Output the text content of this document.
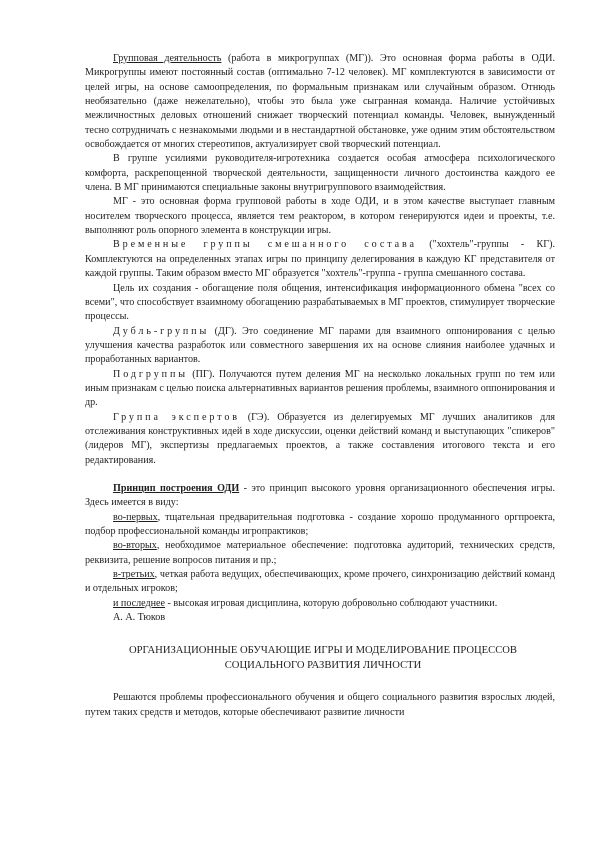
Групповая деятельность (работа в микрогруппах (МГ)). Это основная форма работы в ОДИ. Микрогруппы имеют постоянный состав (оптимально 7-12 человек). МГ комплектуются в зависимости от целей игры, на основе самоопределения, по формальным признакам или случайным образом. Отнюдь необязательно (даже нежелательно), чтобы это была уже сыгранная команда. Наличие устойчивых межличностных деловых отношений снижает творческий потенциал команды. Человек, вынужденный тесно сотрудничать с незнакомыми людьми и в нестандартной обстановке, уже одним этим обстоятельством освобождается от многих стереотипов, актуализирует свой творческий потенциал.

В группе усилиями руководителя-игротехника создается особая атмосфера психологического комфорта, раскрепощенной творческой деятельности, защищенности личного достоинства каждого ее члена. В МГ принимаются специальные законы внутригруппового взаимодействия.

МГ - это основная форма групповой работы в ходе ОДИ, и в этом качестве выступает главным носителем творческого процесса, является тем реактором, в котором генерируются идеи и проекты, т.е. выполняют роль опорного элемента в конструкции игры.

Временные группы смешанного состава ("хохтель"-группы - КГ). Комплектуются на определенных этапах игры по принципу делегирования в каждую КГ представителя от каждой группы. Таким образом вместо МГ образуется "хохтель"-группа - группа смешанного состава.

Цель их создания - обогащение поля общения, интенсификация информационного обмена "всех со всеми", что способствует взаимному обогащению разрабатываемых в МГ проектов, стимулирует творческие процессы.

Дубль-группы (ДГ). Это соединение МГ парами для взаимного оппонирования с целью улучшения качества разработок или совместного завершения их на основе слияния наиболее удачных и проработанных вариантов.

Подгруппы (ПГ). Получаются путем деления МГ на несколько локальных групп по тем или иным признакам с целью поиска альтернативных вариантов решения проблемы, взаимного оппонирования и др.

Группа экспертов (ГЭ). Образуется из делегируемых МГ лучших аналитиков для отслеживания конструктивных идей в ходе дискуссии, оценки действий команд и выступающих "спикеров" (лидеров МГ), экспертизы предлагаемых проектов, а также составления итогового текста и его редактирования.

Принцип построения ОДИ - это принцип высокого уровня организационного обеспечения игры. Здесь имеется в виду:

во-первых, тщательная предварительная подготовка - создание хорошо продуманного оргпроекта, подбор профессиональной команды игропрактиков;

во-вторых, необходимое материальное обеспечение: подготовка аудиторий, технических средств, реквизита, решение вопросов питания и пр.;

в-третьих, четкая работа ведущих, обеспечивающих, кроме прочего, синхронизацию действий команд и отдельных игроков;

и последнее - высокая игровая дисциплина, которую добровольно соблюдают участники.

А. А. Тюков

ОРГАНИЗАЦИОННЫЕ ОБУЧАЮЩИЕ ИГРЫ И МОДЕЛИРОВАНИЕ ПРОЦЕССОВ СОЦИАЛЬНОГО РАЗВИТИЯ ЛИЧНОСТИ

Решаются проблемы профессионального обучения и общего социального развития взрослых людей, путем таких средств и методов, которые обеспечивают развитие личности
